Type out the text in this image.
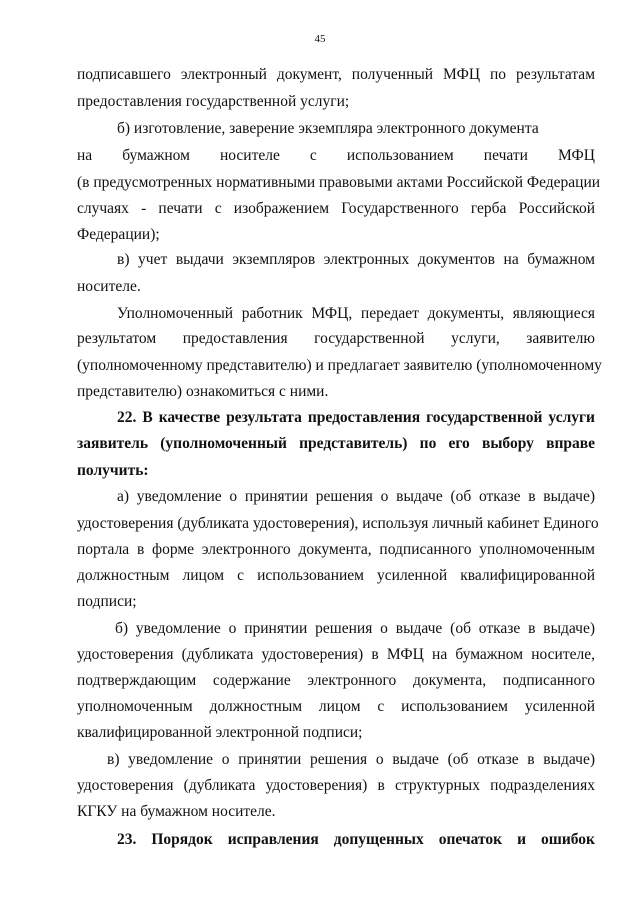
45
подписавшего электронный документ, полученный МФЦ по результатам
предоставления государственной услуги;
б) изготовление, заверение экземпляра электронного документа
на бумажном носителе с использованием печати МФЦ
(в предусмотренных нормативными правовыми актами Российской Федерации
случаях - печати с изображением Государственного герба Российской
Федерации);
в) учет выдачи экземпляров электронных документов на бумажном
носителе.
Уполномоченный работник МФЦ, передает документы, являющиеся
результатом предоставления государственной услуги, заявителю
(уполномоченному представителю) и предлагает заявителю (уполномоченному
представителю) ознакомиться с ними.
22. В качестве результата предоставления государственной услуги
заявитель (уполномоченный представитель) по его выбору вправе
получить:
а) уведомление о принятии решения о выдаче (об отказе в выдаче)
удостоверения (дубликата удостоверения), используя личный кабинет Единого
портала в форме электронного документа, подписанного уполномоченным
должностным лицом с использованием усиленной квалифицированной
подписи;
б) уведомление о принятии решения о выдаче (об отказе в выдаче)
удостоверения (дубликата удостоверения) в МФЦ на бумажном носителе,
подтверждающим содержание электронного документа, подписанного
уполномоченным должностным лицом с использованием усиленной
квалифицированной электронной подписи;
в) уведомление о принятии решения о выдаче (об отказе в выдаче)
удостоверения (дубликата удостоверения) в структурных подразделениях
КГКУ на бумажном носителе.
23. Порядок исправления допущенных опечаток и ошибок
